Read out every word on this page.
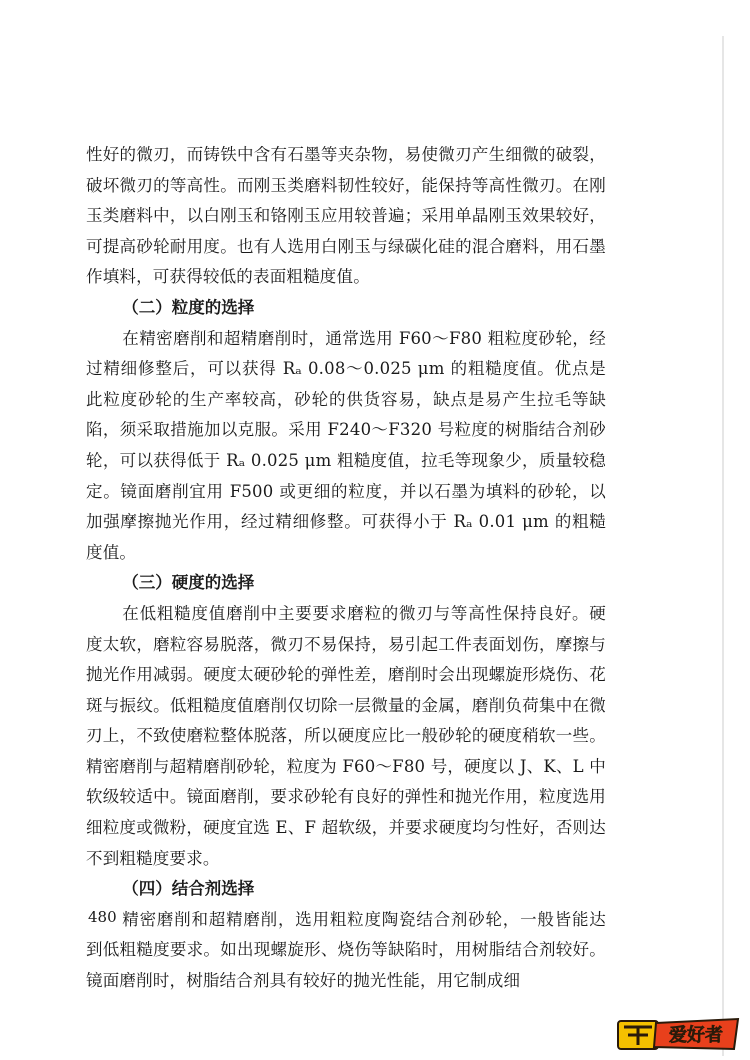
性好的微刃，而铸铁中含有石墨等夹杂物，易使微刃产生细微的破裂，破坏微刃的等高性。而刚玉类磨料韧性较好，能保持等高性微刃。在刚玉类磨料中，以白刚玉和铬刚玉应用较普遍；采用单晶刚玉效果较好，可提高砂轮耐用度。也有人选用白刚玉与绿碳化硅的混合磨料，用石墨作填料，可获得较低的表面粗糙度值。

（二）粒度的选择

在精密磨削和超精磨削时，通常选用 F60～F80 粗粒度砂轮，经过精细修整后，可以获得 Rₐ 0.08～0.025 μm 的粗糙度值。优点是此粒度砂轮的生产率较高，砂轮的供货容易，缺点是易产生拉毛等缺陷，须采取措施加以克服。采用 F240～F320 号粒度的树脂结合剂砂轮，可以获得低于 Rₐ 0.025 μm 粗糙度值，拉毛等现象少，质量较稳定。镜面磨削宜用 F500 或更细的粒度，并以石墨为填料的砂轮，以加强摩擦抛光作用，经过精细修整。可获得小于 Rₐ 0.01 μm 的粗糙度值。

（三）硬度的选择

在低粗糙度值磨削中主要要求磨粒的微刃与等高性保持良好。硬度太软，磨粒容易脱落，微刃不易保持，易引起工件表面划伤，摩擦与抛光作用减弱。硬度太硬砂轮的弹性差，磨削时会出现螺旋形烧伤、花斑与振纹。低粗糙度值磨削仅切除一层微量的金属，磨削负荷集中在微刃上，不致使磨粒整体脱落，所以硬度应比一般砂轮的硬度稍软一些。精密磨削与超精磨削砂轮，粒度为 F60～F80 号，硬度以 J、K、L 中软级较适中。镜面磨削，要求砂轮有良好的弹性和抛光作用，粒度选用细粒度或微粉，硬度宜选 E、F 超软级，并要求硬度均匀性好，否则达不到粗糙度要求。

（四）结合剂选择

精密磨削和超精磨削，选用粗粒度陶瓷结合剂砂轮，一般皆能达到低粗糙度要求。如出现螺旋形、烧伤等缺陷时，用树脂结合剂较好。镜面磨削时，树脂结合剂具有较好的抛光性能，用它制成细

480
爱好者
